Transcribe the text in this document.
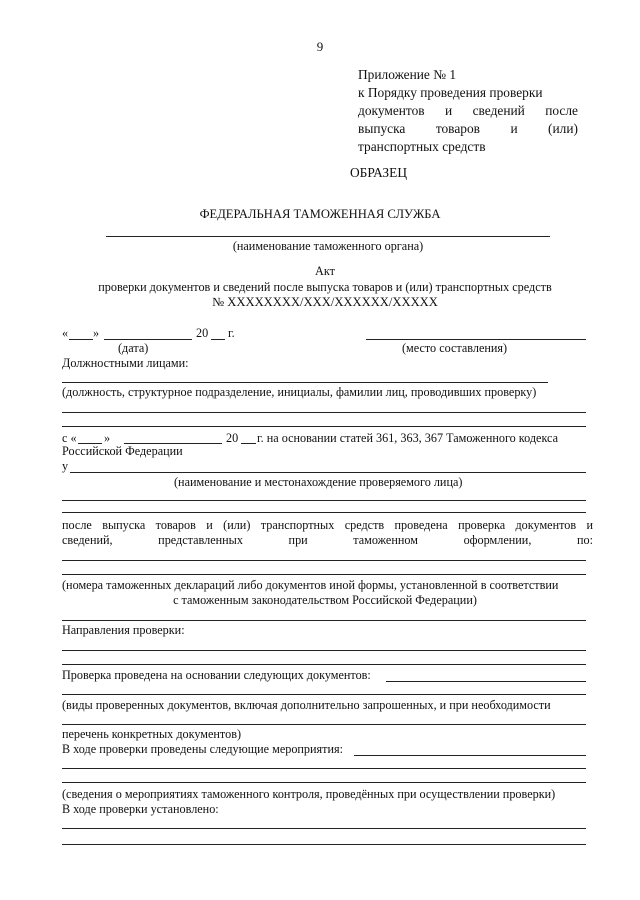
9
Приложение № 1
к Порядку проведения проверки
документов и сведений после
выпуска товаров и (или)
транспортных средств
ОБРАЗЕЦ
ФЕДЕРАЛЬНАЯ ТАМОЖЕННАЯ СЛУЖБА
(наименование таможенного органа)
Акт
проверки документов и сведений после выпуска товаров и (или) транспортных средств
№ XXXXXXXX/XXX/XXXXXX/XXXXX
« »	20 г.
(дата)	(место составления)
Должностными лицами:
(должность, структурное подразделение, инициалы, фамилии лиц, проводивших проверку)
с « »	20 г. на основании статей 361, 363, 367 Таможенного кодекса
Российской Федерации
у
(наименование и местонахождение проверяемого лица)
после выпуска товаров и (или) транспортных средств проведена проверка документов и
сведений,	представленных	при	таможенном	оформлении,	по:
(номера таможенных деклараций либо документов иной формы, установленной в соответствии
с таможенным законодательством Российской Федерации)
Направления проверки:
Проверка проведена на основании следующих документов:
(виды проверенных документов, включая дополнительно запрошенных, и при необходимости
перечень конкретных документов)
В ходе проверки проведены следующие мероприятия:
(сведения о мероприятиях таможенного контроля, проведённых при осуществлении проверки)
В ходе проверки установлено:
